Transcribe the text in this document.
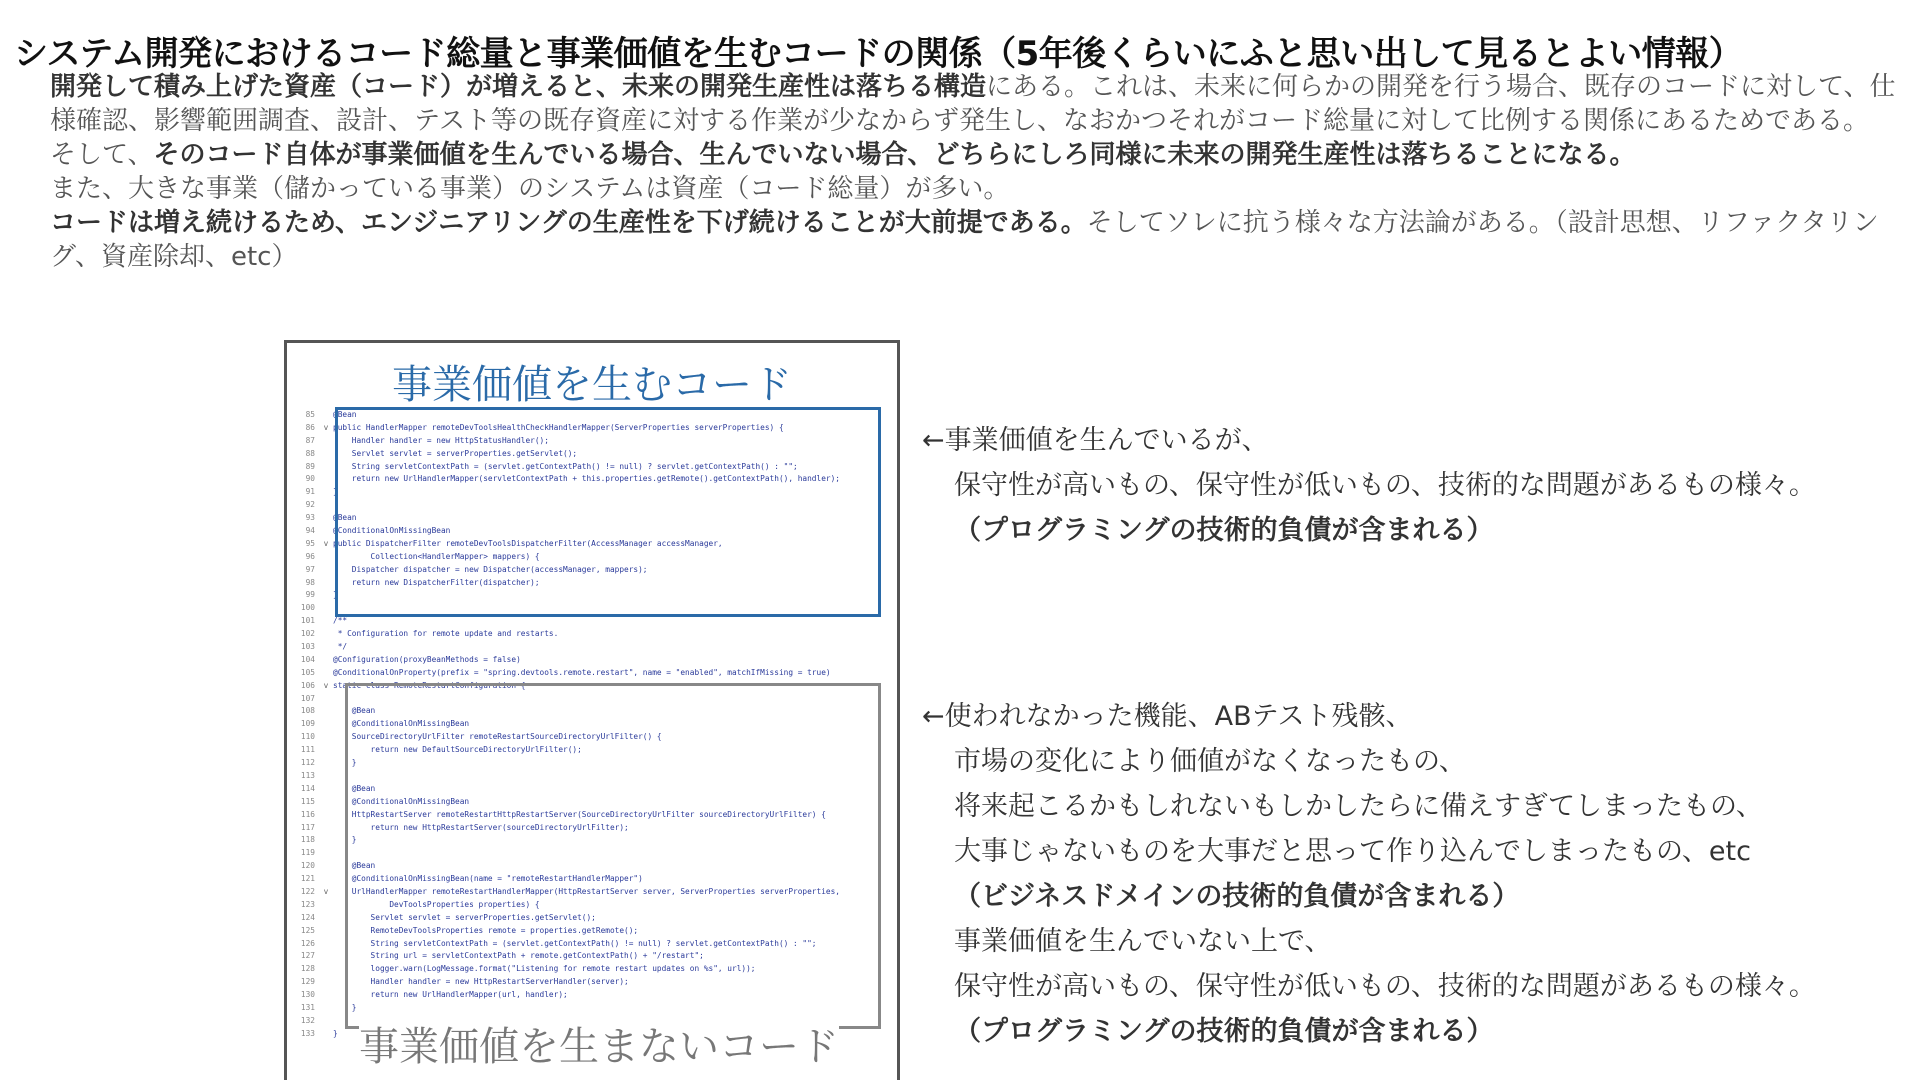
システム開発におけるコード総量と事業価値を生むコードの関係（5年後くらいにふと思い出して見るとよい情報）

開発して積み上げた資産（コード）が増えると、未来の開発生産性は落ちる構造にある。これは、未来に何らかの開発を行う場合、既存のコードに対して、仕様確認、影響範囲調査、設計、テスト等の既存資産に対する作業が少なからず発生し、なおかつそれがコード総量に対して比例する関係にあるためである。

そして、そのコード自体が事業価値を生んでいる場合、生んでいない場合、どちらにしろ同様に未来の開発生産性は落ちることになる。

また、大きな事業（儲かっている事業）のシステムは資産（コード総量）が多い。

コードは増え続けるため、エンジニアリングの生産性を下げ続けることが大前提である。そしてソレに抗う様々な方法論がある。（設計思想、リファクタリング、資産除却、etc）

事業価値を生むコード
85	@Bean
86	v public HandlerMapper remoteDevToolsHealthCheckHandlerMapper(ServerProperties serverProperties) {
87	Handler handler = new HttpStatusHandler();
88	Servlet servlet = serverProperties.getServlet();
89	String servletContextPath = (servlet.getContextPath() != null) ? servlet.getContextPath() : "";
90	return new UrlHandlerMapper(servletContextPath + this.properties.getRemote().getContextPath(), handler);
91	}
92
93	@Bean
94	@ConditionalOnMissingBean
95	v public DispatcherFilter remoteDevToolsDispatcherFilter(AccessManager accessManager,
96	Collection<HandlerMapper> mappers) {
97	Dispatcher dispatcher = new Dispatcher(accessManager, mappers);
98	return new DispatcherFilter(dispatcher);
99	}
100
101	/**
102	* Configuration for remote update and restarts.
103	*/
104	@Configuration(proxyBeanMethods = false)
105	@ConditionalOnProperty(prefix = "spring.devtools.remote.restart", name = "enabled", matchIfMissing = true)
106	v static class RemoteRestartConfiguration {
107
108	@Bean
109	@ConditionalOnMissingBean
110	SourceDirectoryUrlFilter remoteRestartSourceDirectoryUrlFilter() {
111	return new DefaultSourceDirectoryUrlFilter();
112	}
113
114	@Bean
115	@ConditionalOnMissingBean
116	HttpRestartServer remoteRestartHttpRestartServer(SourceDirectoryUrlFilter sourceDirectoryUrlFilter) {
117	return new HttpRestartServer(sourceDirectoryUrlFilter);
118	}
119
120	@Bean
121	@ConditionalOnMissingBean(name = "remoteRestartHandlerMapper")
122	v UrlHandlerMapper remoteRestartHandlerMapper(HttpRestartServer server, ServerProperties serverProperties,
123	DevToolsProperties properties) {
124	Servlet servlet = serverProperties.getServlet();
125	RemoteDevToolsProperties remote = properties.getRemote();
126	String servletContextPath = (servlet.getContextPath() != null) ? servlet.getContextPath() : "";
127	String url = servletContextPath + remote.getContextPath() + "/restart";
128	logger.warn(LogMessage.format("Listening for remote restart updates on %s", url));
129	Handler handler = new HttpRestartServerHandler(server);
130	return new UrlHandlerMapper(url, handler);
131	}
132
133	} 事業価値を生まないコード
←事業価値を生んでいるが、
保守性が高いもの、保守性が低いもの、技術的な問題があるもの様々。
（プログラミングの技術的負債が含まれる）
←使われなかった機能、ABテスト残骸、
市場の変化により価値がなくなったもの、
将来起こるかもしれないもしかしたらに備えすぎてしまったもの、
大事じゃないものを大事だと思って作り込んでしまったもの、etc
（ビジネスドメインの技術的負債が含まれる）
事業価値を生んでいない上で、
保守性が高いもの、保守性が低いもの、技術的な問題があるもの様々。
（プログラミングの技術的負債が含まれる）
